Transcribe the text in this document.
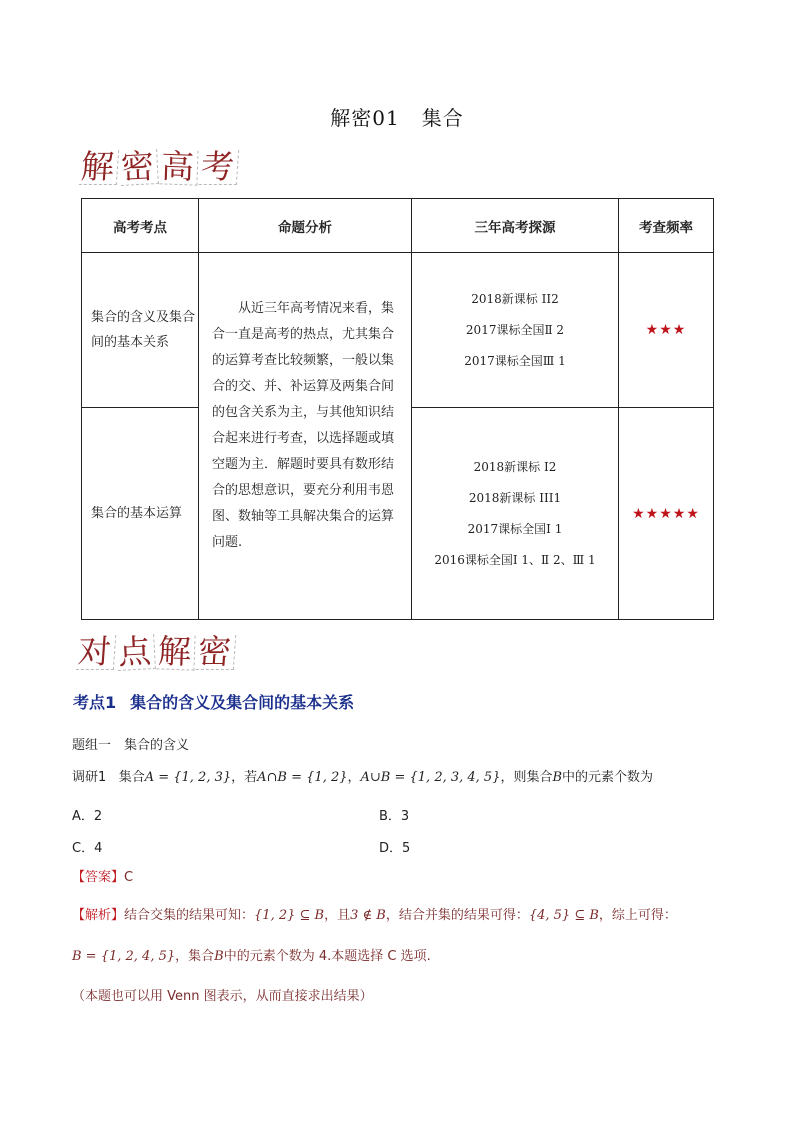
解密01 集合
解 密 高 考
高考考点	命题分析	三年高考探源	考查频率
集合的含义及集合间的基本关系	从近三年高考情况来看，集合一直是高考的热点，尤其集合的运算考查比较频繁，一般以集合的交、并、补运算及两集合间的包含关系为主，与其他知识结合起来进行考查，以选择题或填空题为主．解题时要具有数形结合的思想意识，要充分利用韦恩图、数轴等工具解决集合的运算问题.	2018新课标 II2
2017课标全国Ⅱ 2
2017课标全国Ⅲ 1	★★★
集合的基本运算		2018新课标 I2
2018新课标 III1
2017课标全国Ⅰ 1
2016课标全国Ⅰ 1、Ⅱ 2、Ⅲ 1	★★★★★
对 点 解 密
考点1 集合的含义及集合间的基本关系
题组一　集合的含义
调研1 集合A = {1, 2, 3}，若A∩B = {1, 2}，A∪B = {1, 2, 3, 4, 5}，则集合B中的元素个数为
A．2	B．3
C．4	D．5
【答案】C
【解析】结合交集的结果可知：{1, 2} ⊆ B，且3 ∉ B，结合并集的结果可得：{4, 5} ⊆ B，综上可得：
B = {1, 2, 4, 5}，集合B中的元素个数为 4.本题选择 C 选项.
（本题也可以用 Venn 图表示，从而直接求出结果）
